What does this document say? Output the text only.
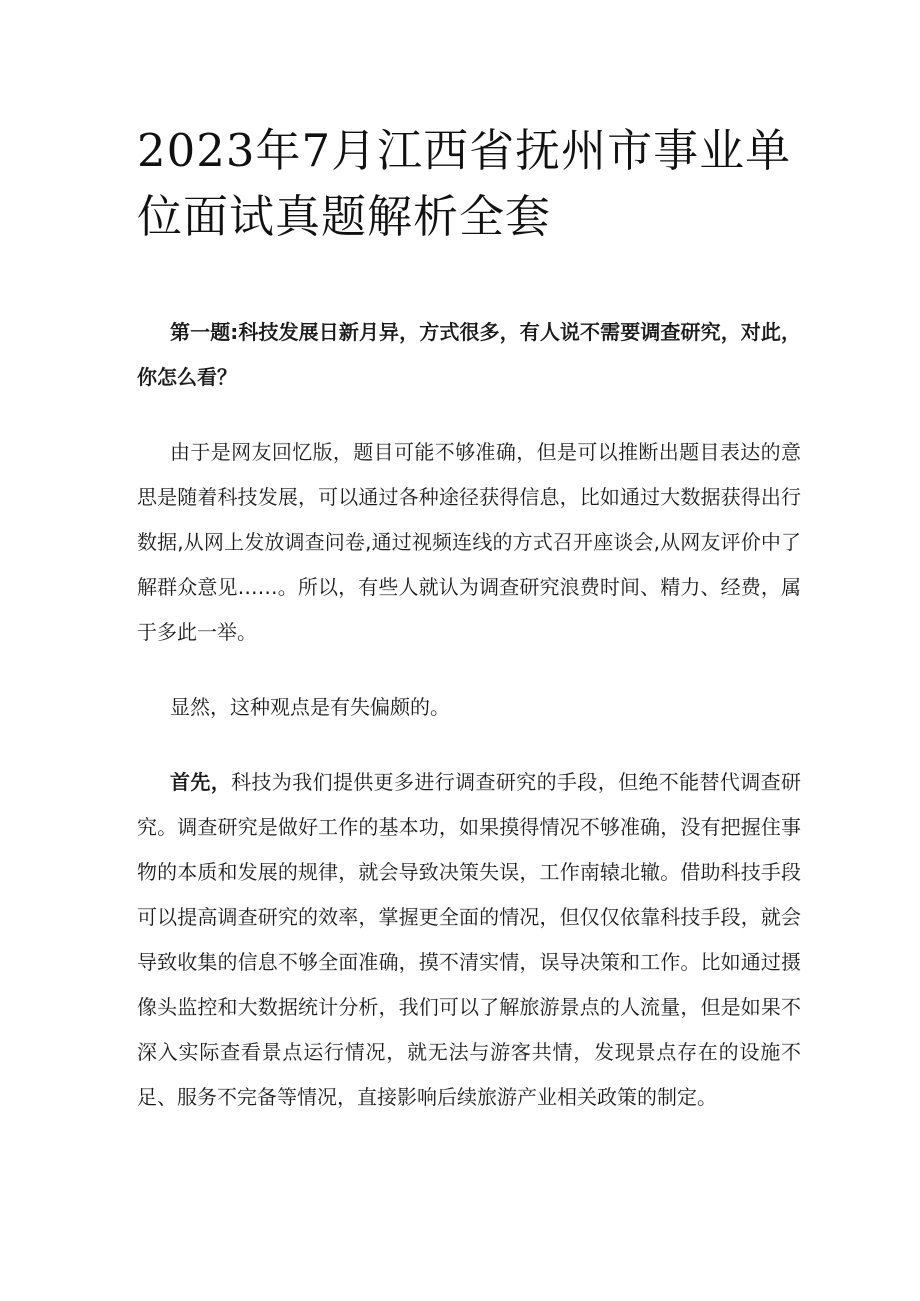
2023年7月江西省抚州市事业单位面试真题解析全套

第一题:科技发展日新月异，方式很多，有人说不需要调查研究，对此，你怎么看？

由于是网友回忆版，题目可能不够准确，但是可以推断出题目表达的意思是随着科技发展，可以通过各种途径获得信息，比如通过大数据获得出行数据,从网上发放调查问卷,通过视频连线的方式召开座谈会,从网友评价中了解群众意见……。所以，有些人就认为调查研究浪费时间、精力、经费，属于多此一举。

显然，这种观点是有失偏颇的。

首先，科技为我们提供更多进行调查研究的手段，但绝不能替代调查研究。调查研究是做好工作的基本功，如果摸得情况不够准确，没有把握住事物的本质和发展的规律，就会导致决策失误，工作南辕北辙。借助科技手段可以提高调查研究的效率，掌握更全面的情况，但仅仅依靠科技手段，就会导致收集的信息不够全面准确，摸不清实情，误导决策和工作。比如通过摄像头监控和大数据统计分析，我们可以了解旅游景点的人流量，但是如果不深入实际查看景点运行情况，就无法与游客共情，发现景点存在的设施不足、服务不完备等情况，直接影响后续旅游产业相关政策的制定。
